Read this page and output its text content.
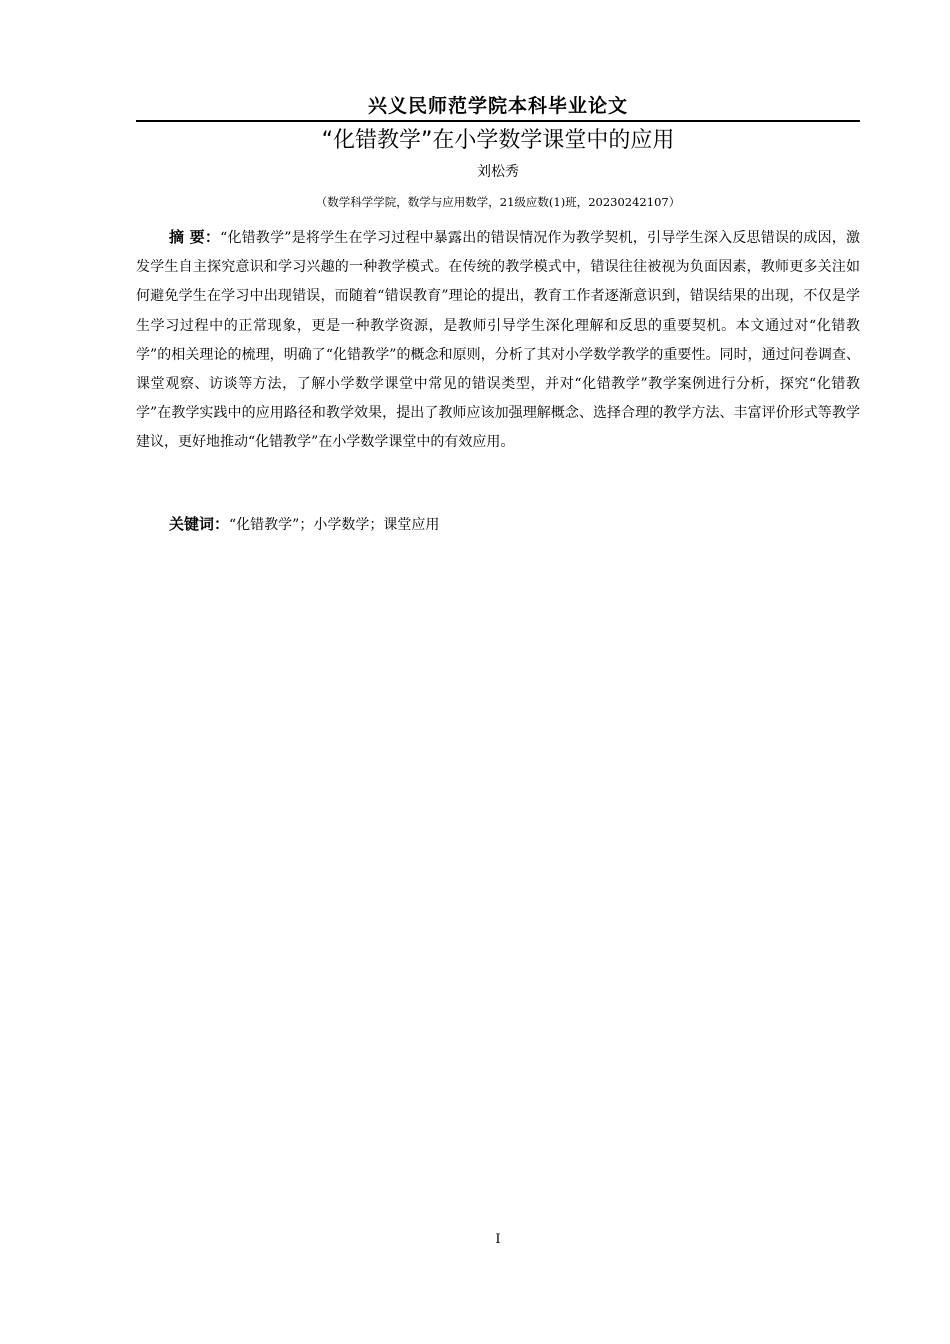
兴义民师范学院本科毕业论文
“化错教学”在小学数学课堂中的应用
刘松秀
（数学科学学院，数学与应用数学，21级应数(1)班，20230242107）

摘 要：“化错教学”是将学生在学习过程中暴露出的错误情况作为教学契机，引导学生深入反思错误的成因，激发学生自主探究意识和学习兴趣的一种教学模式。在传统的教学模式中，错误往往被视为负面因素，教师更多关注如何避免学生在学习中出现错误，而随着“错误教育”理论的提出，教育工作者逐渐意识到，错误结果的出现，不仅是学生学习过程中的正常现象，更是一种教学资源，是教师引导学生深化理解和反思的重要契机。本文通过对“化错教学”的相关理论的梳理，明确了“化错教学”的概念和原则，分析了其对小学数学教学的重要性。同时，通过问卷调查、课堂观察、访谈等方法，了解小学数学课堂中常见的错误类型，并对“化错教学”教学案例进行分析，探究“化错教学”在教学实践中的应用路径和教学效果，提出了教师应该加强理解概念、选择合理的教学方法、丰富评价形式等教学建议，更好地推动“化错教学”在小学数学课堂中的有效应用。

关键词：“化错教学”；小学数学；课堂应用

I
